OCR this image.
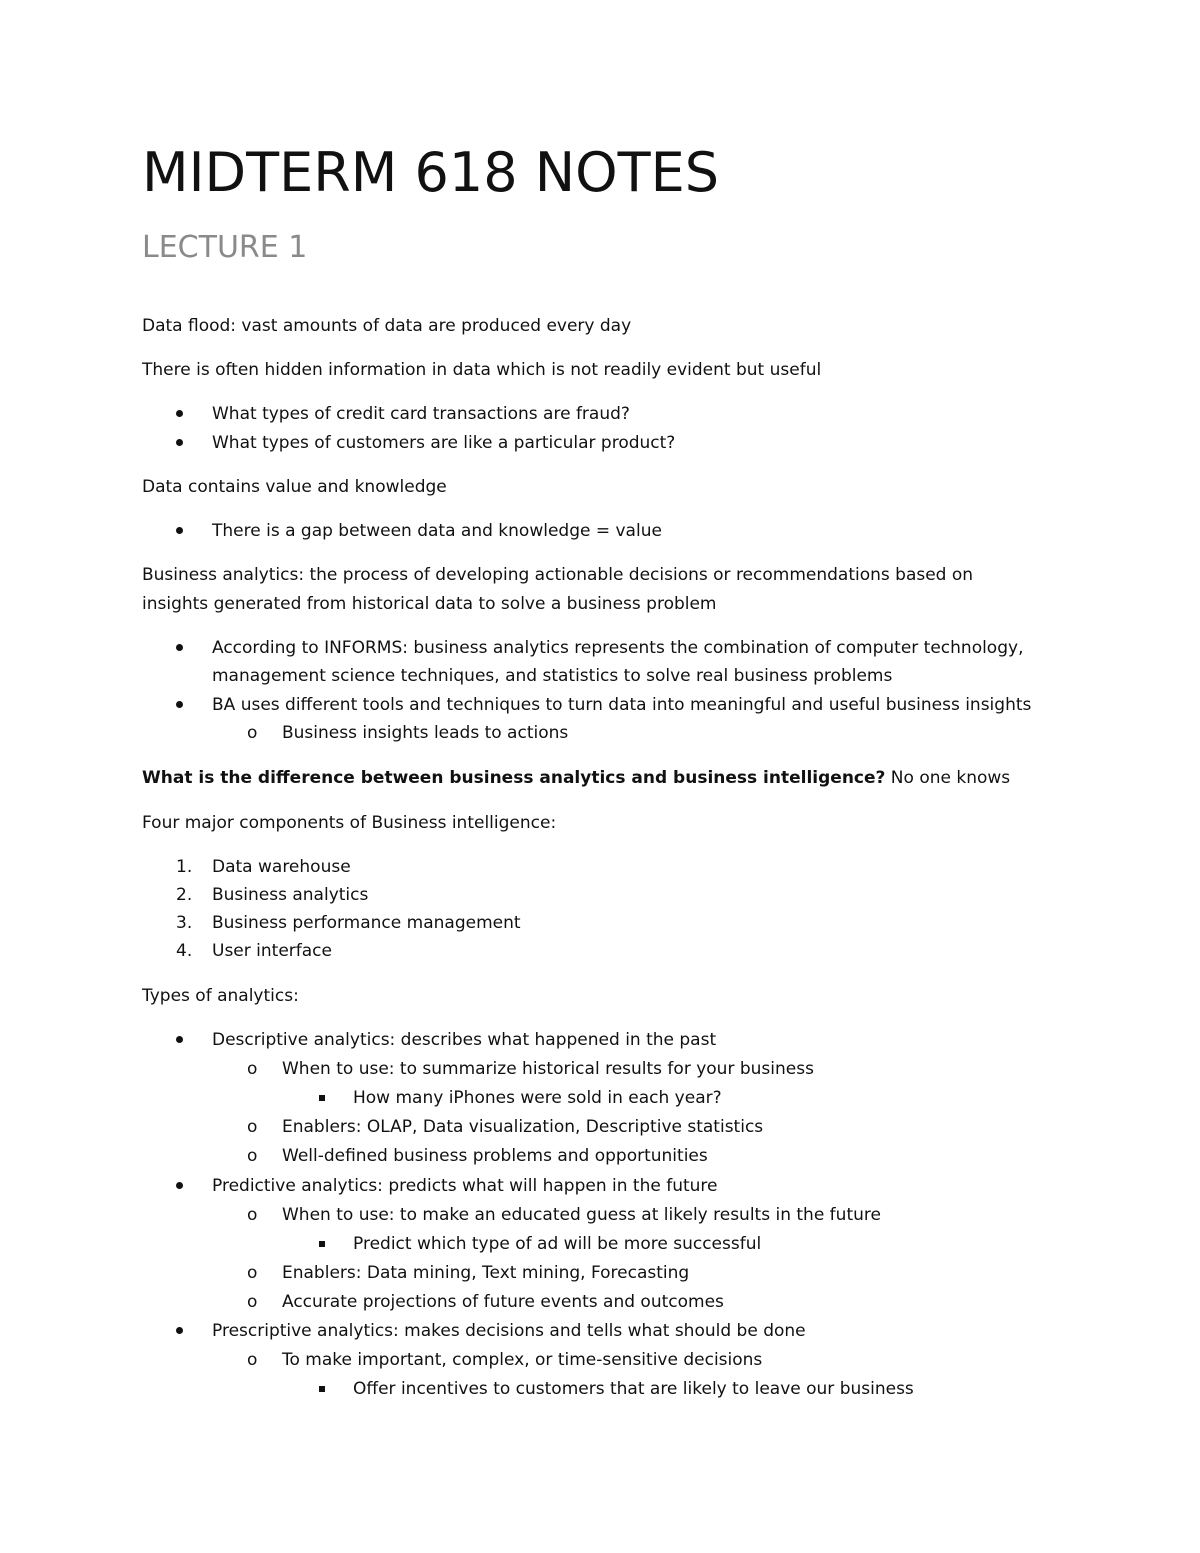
MIDTERM 618 NOTES
LECTURE 1
Data flood: vast amounts of data are produced every day
There is often hidden information in data which is not readily evident but useful
What types of credit card transactions are fraud?
What types of customers are like a particular product?
Data contains value and knowledge
There is a gap between data and knowledge = value
Business analytics: the process of developing actionable decisions or recommendations based on
insights generated from historical data to solve a business problem
According to INFORMS: business analytics represents the combination of computer technology,
management science techniques, and statistics to solve real business problems
BA uses different tools and techniques to turn data into meaningful and useful business insights
o Business insights leads to actions
What is the difference between business analytics and business intelligence? No one knows
Four major components of Business intelligence:
1. Data warehouse
2. Business analytics
3. Business performance management
4. User interface
Types of analytics:
Descriptive analytics: describes what happened in the past
o When to use: to summarize historical results for your business
How many iPhones were sold in each year?
o Enablers: OLAP, Data visualization, Descriptive statistics
o Well-defined business problems and opportunities
Predictive analytics: predicts what will happen in the future
o When to use: to make an educated guess at likely results in the future
Predict which type of ad will be more successful
o Enablers: Data mining, Text mining, Forecasting
o Accurate projections of future events and outcomes
Prescriptive analytics: makes decisions and tells what should be done
o To make important, complex, or time-sensitive decisions
Offer incentives to customers that are likely to leave our business
